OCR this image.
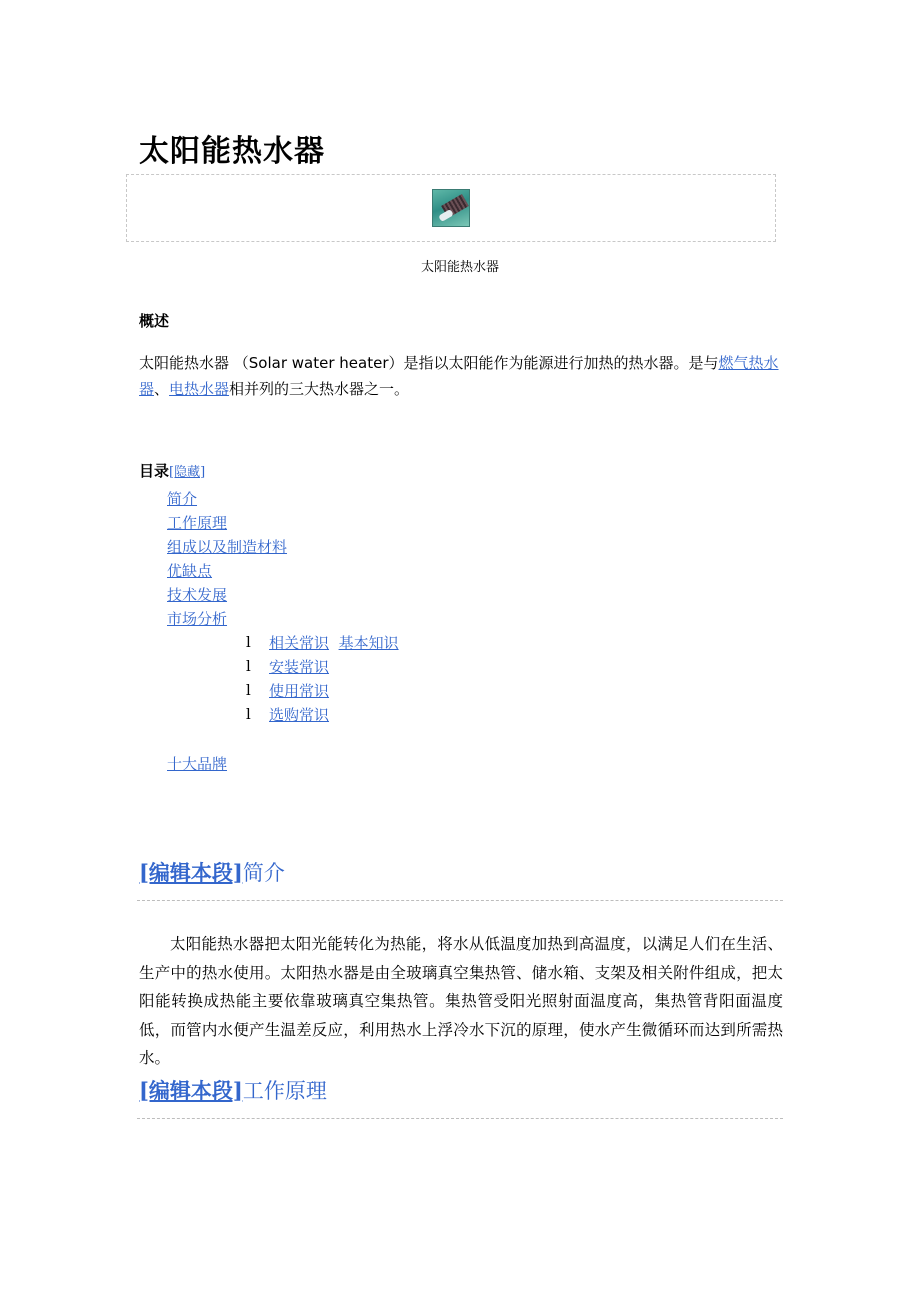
太阳能热水器
太阳能热水器
概述
太阳能热水器 （Solar water heater）是指以太阳能作为能源进行加热的热水器。是与燃气热水器、电热水器相并列的三大热水器之一。
目录[隐藏]
简介
工作原理
组成以及制造材料
优缺点
技术发展
市场分析
l 相关常识 基本知识
l 安装常识
l 使用常识
l 选购常识
十大品牌
[编辑本段]简介
太阳能热水器把太阳光能转化为热能，将水从低温度加热到高温度，以满足人们在生活、生产中的热水使用。太阳热水器是由全玻璃真空集热管、储水箱、支架及相关附件组成，把太阳能转换成热能主要依靠玻璃真空集热管。集热管受阳光照射面温度高，集热管背阳面温度低，而管内水便产生温差反应，利用热水上浮冷水下沉的原理，使水产生微循环而达到所需热水。
[编辑本段]工作原理
